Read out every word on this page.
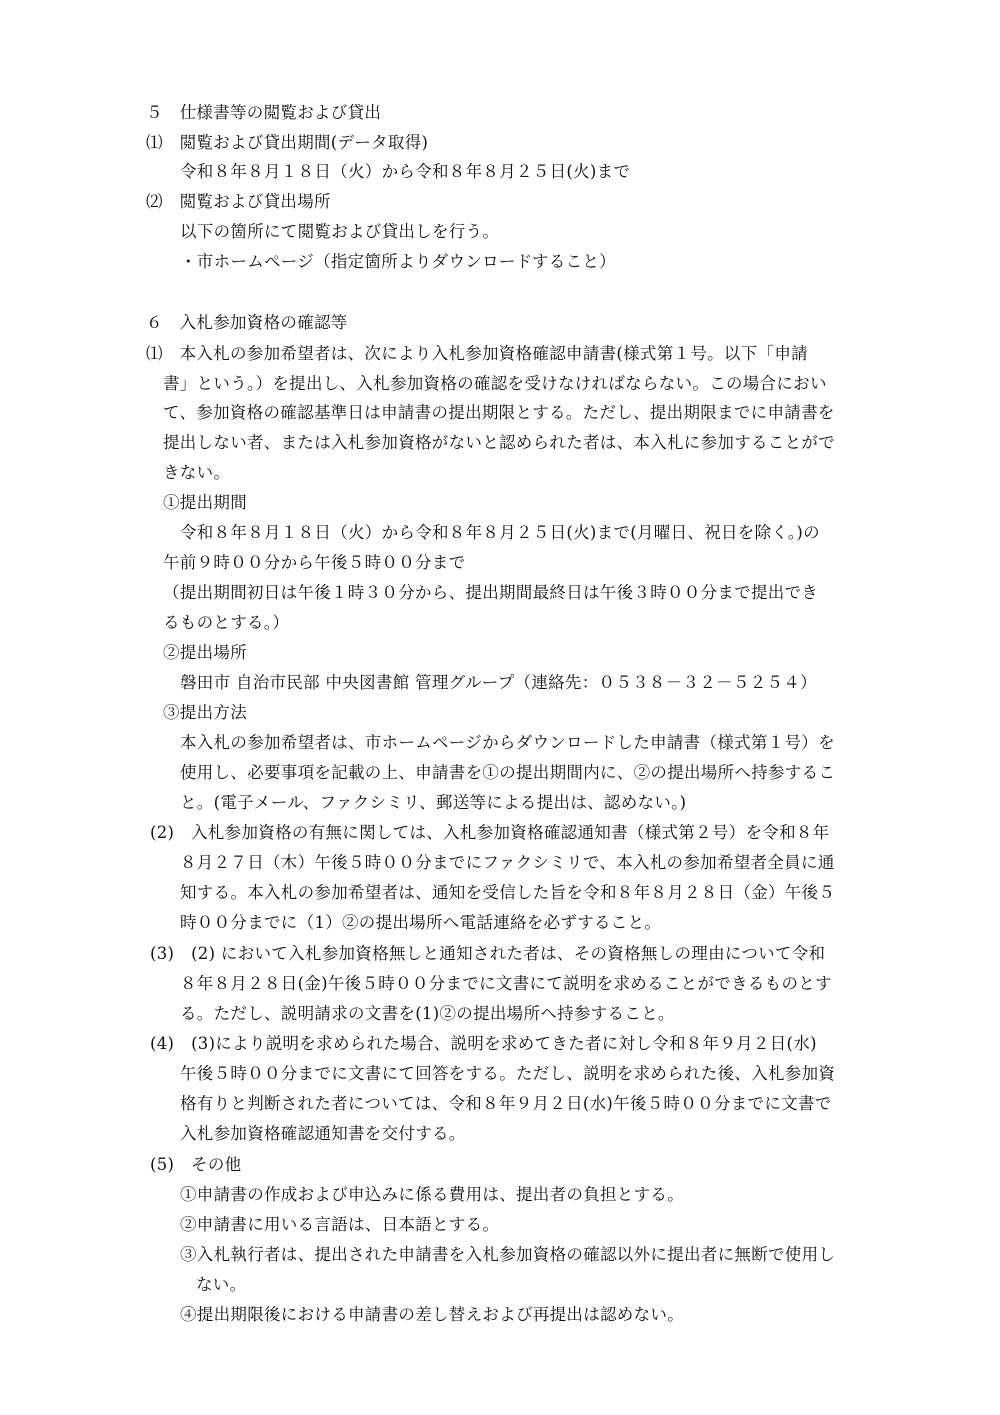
５　仕様書等の閲覧および貸出
⑴　閲覧および貸出期間(データ取得)
令和８年８月１８日（火）から令和８年８月２５日(火)まで
⑵　閲覧および貸出場所
以下の箇所にて閲覧および貸出しを行う。
・市ホームページ（指定箇所よりダウンロードすること）
６　入札参加資格の確認等
⑴　本入札の参加希望者は、次により入札参加資格確認申請書(様式第１号。以下「申請
書」という。）を提出し、入札参加資格の確認を受けなければならない。この場合におい
て、参加資格の確認基準日は申請書の提出期限とする。ただし、提出期限までに申請書を
提出しない者、または入札参加資格がないと認められた者は、本入札に参加することがで
きない。
①提出期間
令和８年８月１８日（火）から令和８年８月２５日(火)まで(月曜日、祝日を除く。)の
午前９時００分から午後５時００分まで
（提出期間初日は午後１時３０分から、提出期間最終日は午後３時００分まで提出でき
るものとする。）
②提出場所
磐田市 自治市民部 中央図書館 管理グループ（連絡先：０５３８－３２－５２５４）
③提出方法
本入札の参加希望者は、市ホームページからダウンロードした申請書（様式第１号）を
使用し、必要事項を記載の上、申請書を①の提出期間内に、②の提出場所へ持参するこ
と。(電子メール、ファクシミリ、郵送等による提出は、認めない。)
(2)　入札参加資格の有無に関しては、入札参加資格確認通知書（様式第２号）を令和８年
８月２７日（木）午後５時００分までにファクシミリで、本入札の参加希望者全員に通
知する。本入札の参加希望者は、通知を受信した旨を令和８年８月２８日（金）午後５
時００分までに（1）②の提出場所へ電話連絡を必ずすること。
(3)　(2) において入札参加資格無しと通知された者は、その資格無しの理由について令和
８年８月２８日(金)午後５時００分までに文書にて説明を求めることができるものとす
る。ただし、説明請求の文書を(1)②の提出場所へ持参すること。
(4)　(3)により説明を求められた場合、説明を求めてきた者に対し令和８年９月２日(水)
午後５時００分までに文書にて回答をする。ただし、説明を求められた後、入札参加資
格有りと判断された者については、令和８年９月２日(水)午後５時００分までに文書で
入札参加資格確認通知書を交付する。
(5)　その他
①申請書の作成および申込みに係る費用は、提出者の負担とする。
②申請書に用いる言語は、日本語とする。
③入札執行者は、提出された申請書を入札参加資格の確認以外に提出者に無断で使用し
ない。
④提出期限後における申請書の差し替えおよび再提出は認めない。
